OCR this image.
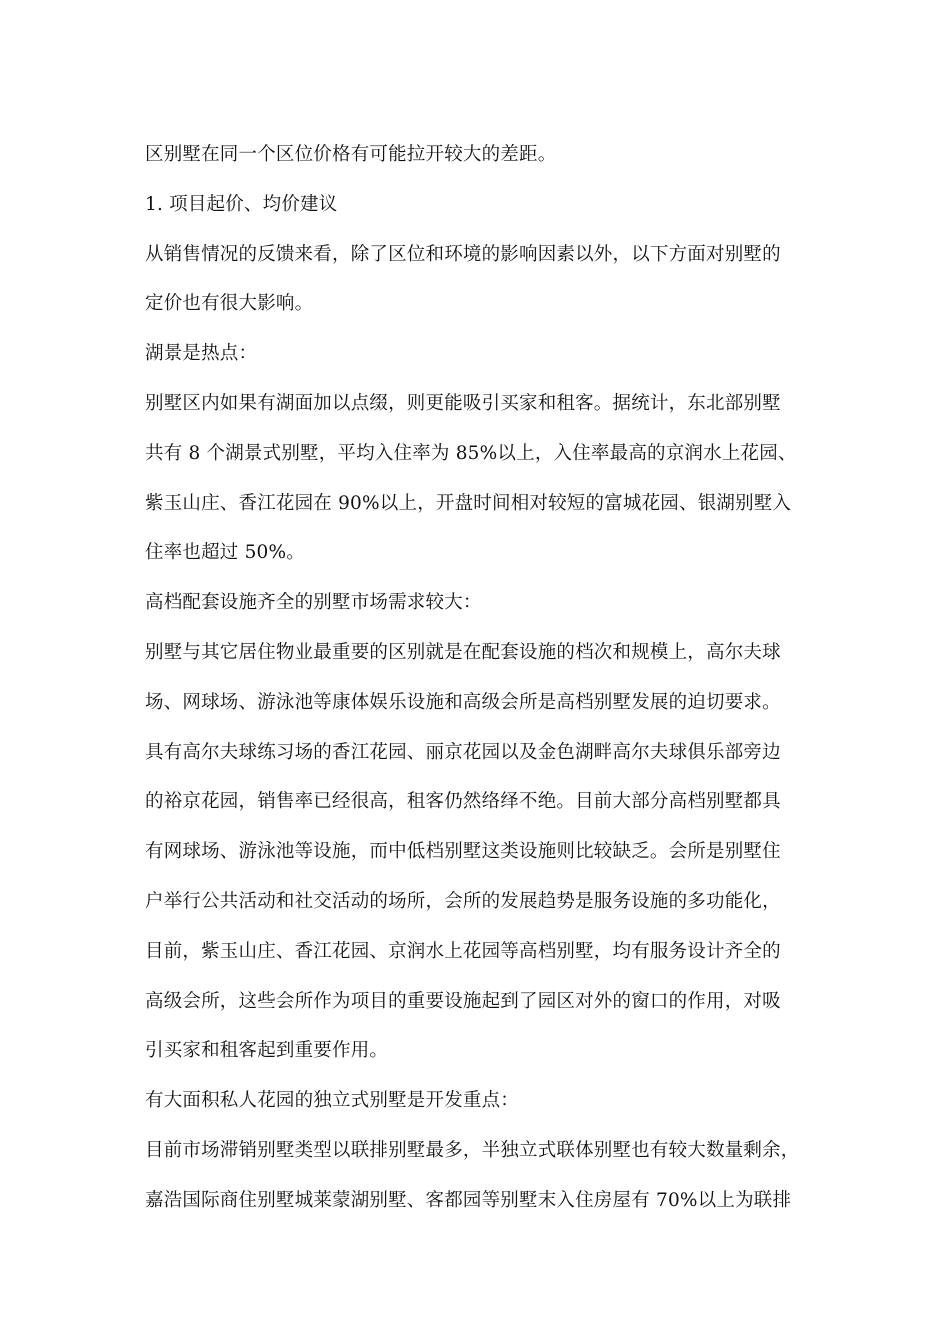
区别墅在同一个区位价格有可能拉开较大的差距。
1. 项目起价、均价建议
从销售情况的反馈来看，除了区位和环境的影响因素以外，以下方面对别墅的
定价也有很大影响。
湖景是热点：
别墅区内如果有湖面加以点缀，则更能吸引买家和租客。据统计，东北部别墅
共有 8 个湖景式别墅，平均入住率为 85%以上，入住率最高的京润水上花园、
紫玉山庄、香江花园在 90%以上，开盘时间相对较短的富城花园、银湖别墅入
住率也超过 50%。
高档配套设施齐全的别墅市场需求较大：
别墅与其它居住物业最重要的区别就是在配套设施的档次和规模上，高尔夫球
场、网球场、游泳池等康体娱乐设施和高级会所是高档别墅发展的迫切要求。
具有高尔夫球练习场的香江花园、丽京花园以及金色湖畔高尔夫球俱乐部旁边
的裕京花园，销售率已经很高，租客仍然络绎不绝。目前大部分高档别墅都具
有网球场、游泳池等设施，而中低档别墅这类设施则比较缺乏。会所是别墅住
户举行公共活动和社交活动的场所，会所的发展趋势是服务设施的多功能化，
目前，紫玉山庄、香江花园、京润水上花园等高档别墅，均有服务设计齐全的
高级会所，这些会所作为项目的重要设施起到了园区对外的窗口的作用，对吸
引买家和租客起到重要作用。
有大面积私人花园的独立式别墅是开发重点：
目前市场滞销别墅类型以联排别墅最多，半独立式联体别墅也有较大数量剩余，
嘉浩国际商住别墅城莱蒙湖别墅、客都园等别墅末入住房屋有 70%以上为联排
